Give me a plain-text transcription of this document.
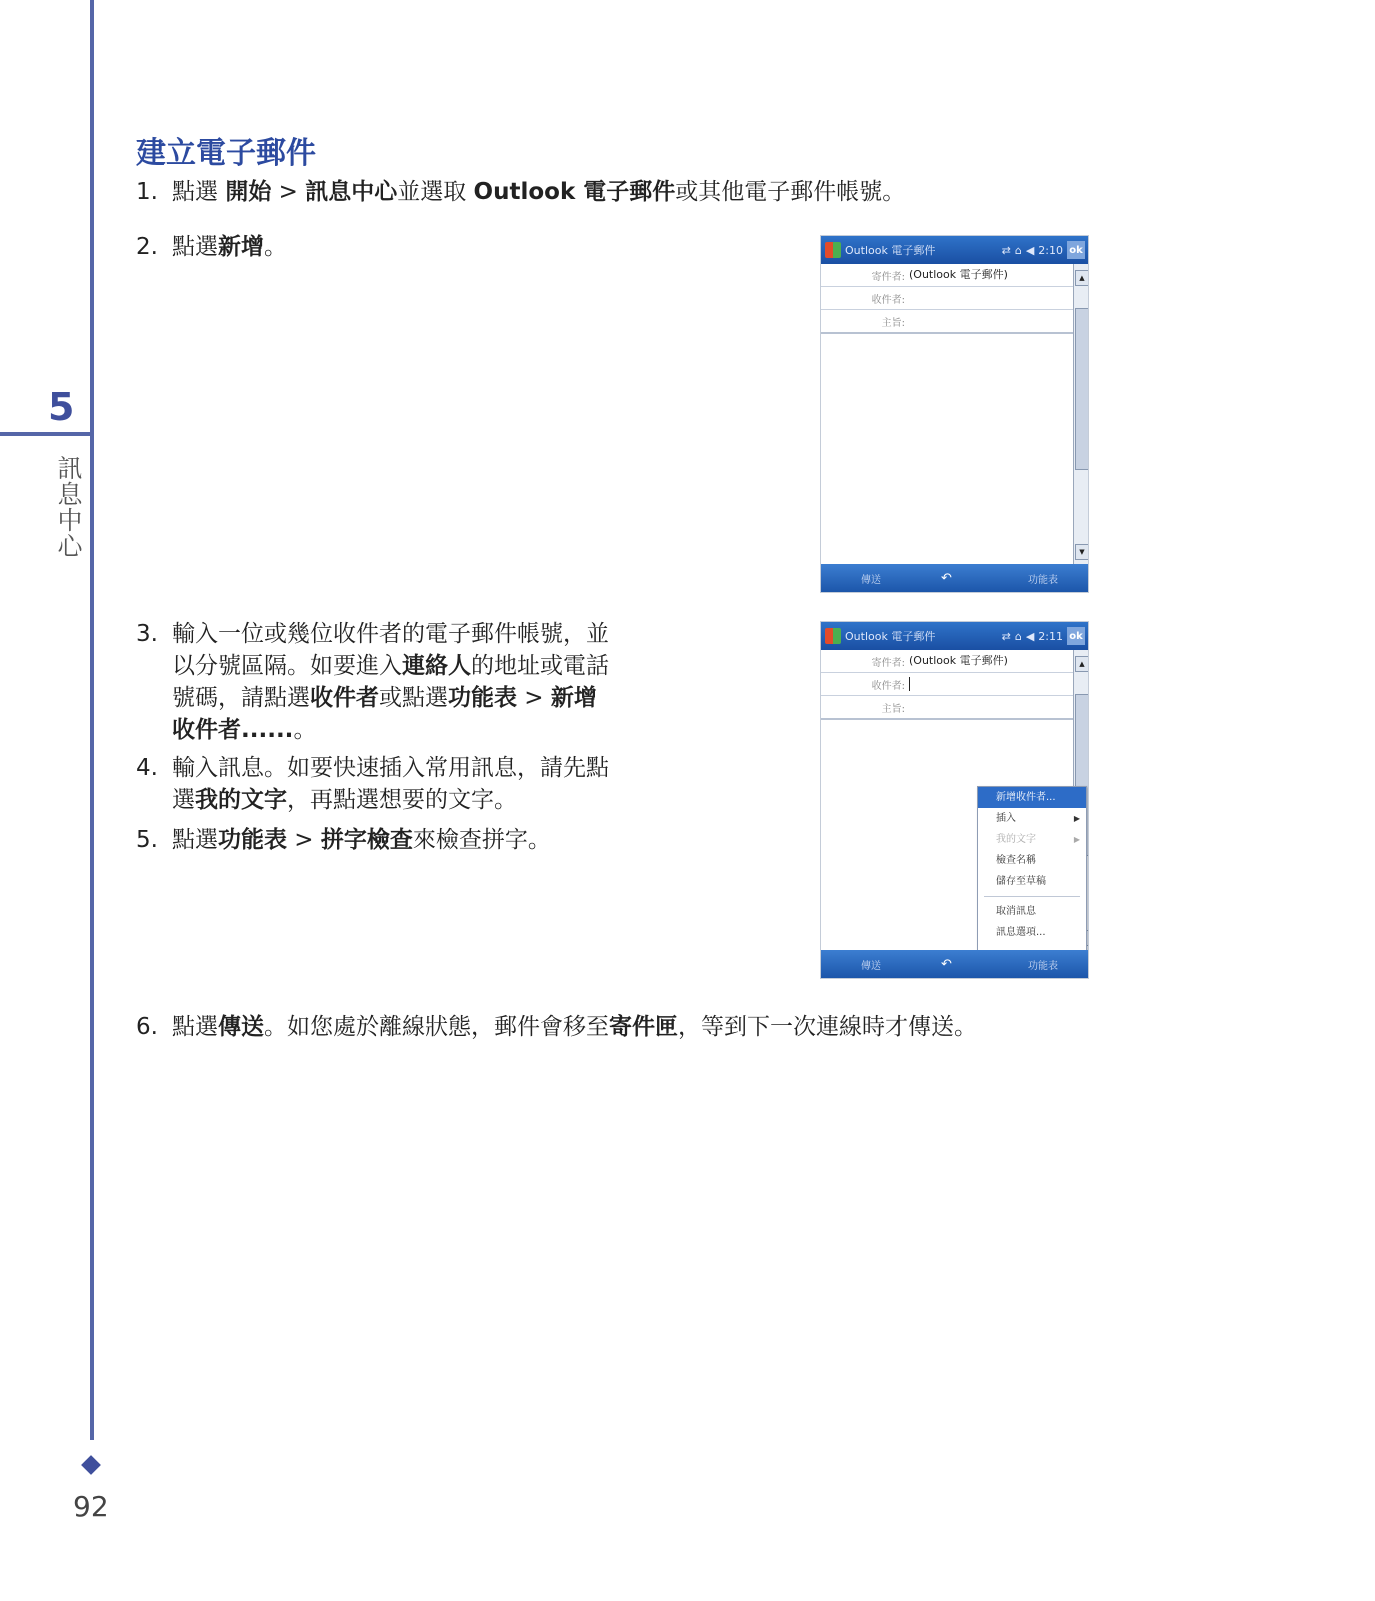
5
訊息中心
92
建立電子郵件
1. 點選 開始 > 訊息中心並選取 Outlook 電子郵件或其他電子郵件帳號。
2. 點選新增。
3. 輸入一位或幾位收件者的電子郵件帳號，並以分號區隔。如要進入連絡人的地址或電話號碼，請點選收件者或點選功能表 > 新增收件者......。
4. 輸入訊息。如要快速插入常用訊息，請先點選我的文字，再點選想要的文字。
5. 點選功能表 > 拼字檢查來檢查拼字。
6. 點選傳送。如您處於離線狀態，郵件會移至寄件匣，等到下一次連線時才傳送。
Outlook 電子郵件	⇄ ⌂ ◀ 2:10 ok
寄件者: (Outlook 電子郵件)
收件者:
主旨:
▲
▼
傳送	↶	功能表
Outlook 電子郵件	⇄ ⌂ ◀ 2:11 ok
寄件者: (Outlook 電子郵件)
收件者:
主旨:
▲
新增收件者...
插入	▶
我的文字	▶
檢查名稱
儲存至草稿
取消訊息
訊息選項...
傳送	↶	功能表
